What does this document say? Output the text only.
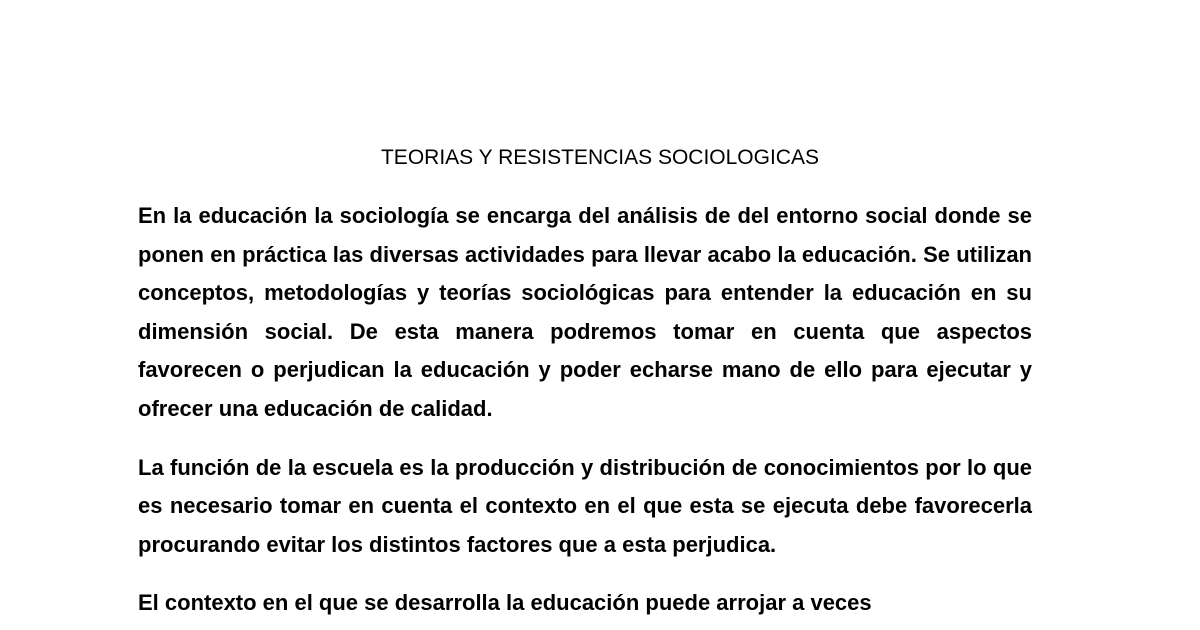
TEORIAS Y RESISTENCIAS SOCIOLOGICAS

En la educación la sociología se encarga del análisis de del entorno social donde se ponen en práctica las diversas actividades para llevar acabo la educación. Se utilizan conceptos, metodologías y teorías sociológicas para entender la educación en su dimensión social. De esta manera podremos tomar en cuenta que aspectos favorecen o perjudican la educación y poder echarse mano de ello para ejecutar y ofrecer una educación de calidad.

La función de la escuela es la producción y distribución de conocimientos por lo que es necesario tomar en cuenta el contexto en el que esta se ejecuta debe favorecerla procurando evitar los distintos factores que a esta perjudica.

El contexto en el que se desarrolla la educación puede arrojar a veces
